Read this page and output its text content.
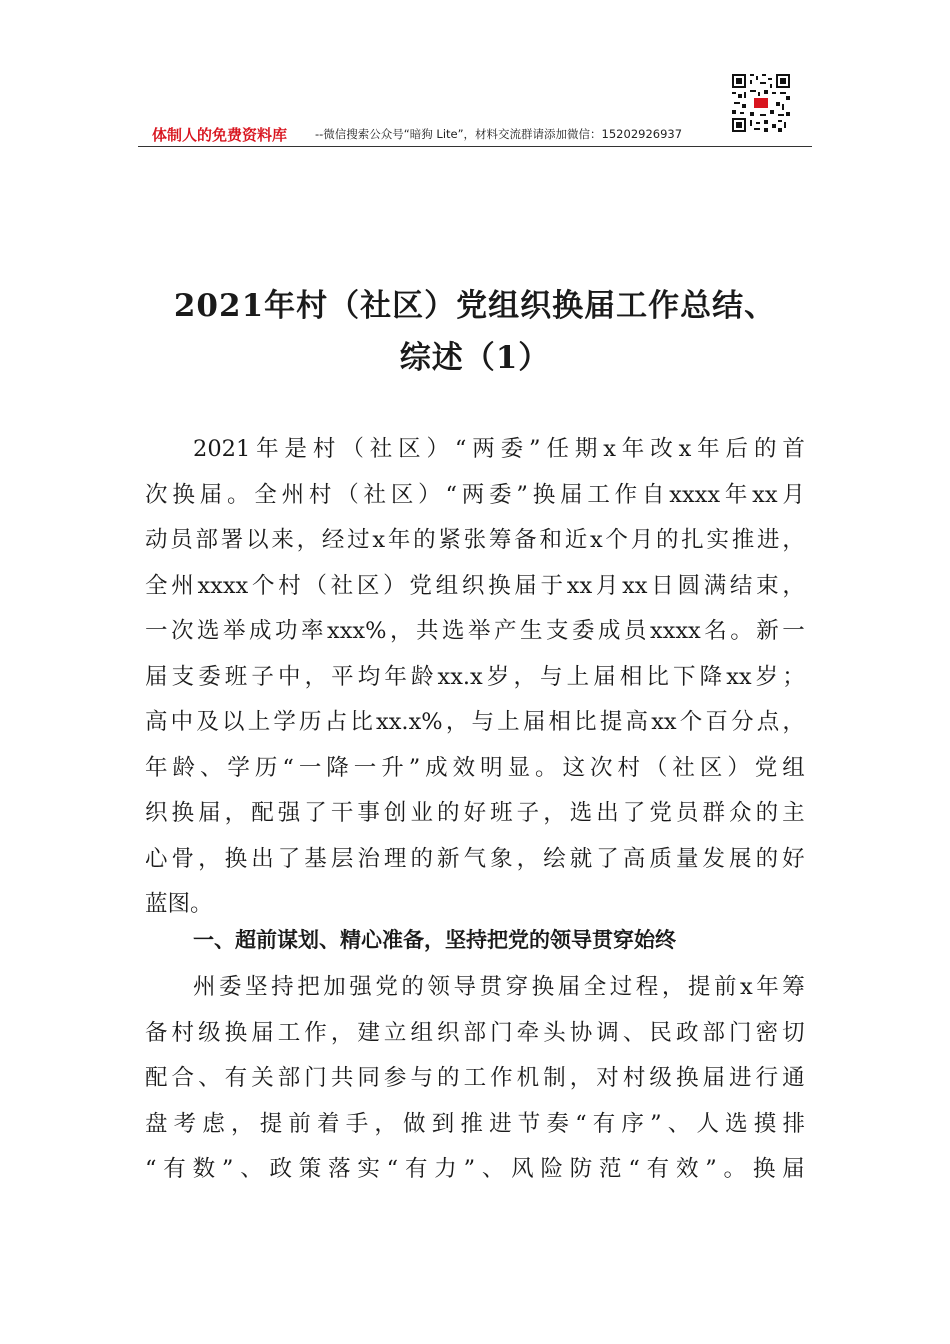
体制人的免费资料库 --微信搜索公众号“暗狗 Lite”，材料交流群请添加微信：15202926937
2021年村（社区）党组织换届工作总结、
综述（1）
2021 年 是 村 （ 社 区 ） “ 两 委 ” 任 期 x 年 改 x 年 后 的 首
次 换 届 。 全 州 村 （ 社 区 ） “ 两 委 ” 换 届 工 作 自 xxxx 年 xx 月
动 员 部 署 以 来 ， 经 过 x 年 的 紧 张 筹 备 和 近 x 个 月 的 扎 实 推 进 ，
全 州 xxxx 个 村 （ 社 区 ） 党 组 织 换 届 于 xx 月 xx 日 圆 满 结 束 ，
一 次 选 举 成 功 率 xxx% ， 共 选 举 产 生 支 委 成 员 xxxx 名 。 新 一
届 支 委 班 子 中 ， 平 均 年 龄 xx.x 岁 ， 与 上 届 相 比 下 降 xx 岁 ；
高 中 及 以 上 学 历 占 比 xx.x% ， 与 上 届 相 比 提 高 xx 个 百 分 点 ，
年 龄 、 学 历 “ 一 降 一 升 ” 成 效 明 显 。 这 次 村 （ 社 区 ） 党 组
织 换 届 ， 配 强 了 干 事 创 业 的 好 班 子 ， 选 出 了 党 员 群 众 的 主
心 骨 ， 换 出 了 基 层 治 理 的 新 气 象 ， 绘 就 了 高 质 量 发 展 的 好
蓝图。
一、超前谋划、精心准备，坚持把党的领导贯穿始终
州 委 坚 持 把 加 强 党 的 领 导 贯 穿 换 届 全 过 程 ， 提 前 x 年 筹
备 村 级 换 届 工 作 ， 建 立 组 织 部 门 牵 头 协 调 、 民 政 部 门 密 切
配 合 、 有 关 部 门 共 同 参 与 的 工 作 机 制 ， 对 村 级 换 届 进 行 通
盘 考 虑 ， 提 前 着 手 ， 做 到 推 进 节 奏 “ 有 序 ” 、 人 选 摸 排
“ 有 数 ” 、 政 策 落 实 “ 有 力 ” 、 风 险 防 范 “ 有 效 ” 。 换 届
